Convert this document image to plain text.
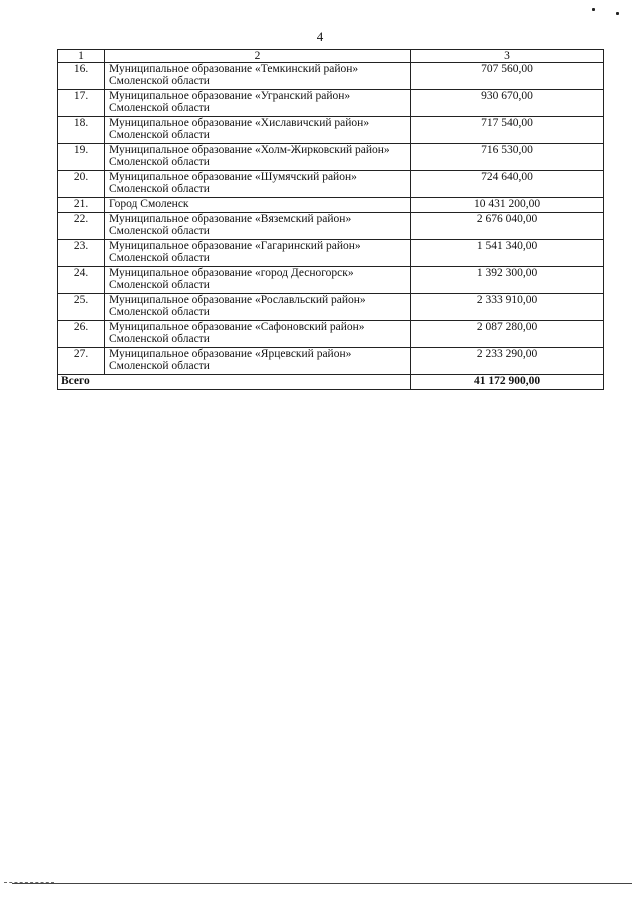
4
1	2	3
16.	Муниципальное образование «Темкинский район» Смоленской области	707 560,00
17.	Муниципальное образование «Угранский район» Смоленской области	930 670,00
18.	Муниципальное образование «Хиславичский район» Смоленской области	717 540,00
19.	Муниципальное образование «Холм-Жирковский район» Смоленской области	716 530,00
20.	Муниципальное образование «Шумячский район» Смоленской области	724 640,00
21.	Город Смоленск	10 431 200,00
22.	Муниципальное образование «Вяземский район» Смоленской области	2 676 040,00
23.	Муниципальное образование «Гагаринский район» Смоленской области	1 541 340,00
24.	Муниципальное образование «город Десногорск» Смоленской области	1 392 300,00
25.	Муниципальное образование «Рославльский район» Смоленской области	2 333 910,00
26.	Муниципальное образование «Сафоновский район» Смоленской области	2 087 280,00
27.	Муниципальное образование «Ярцевский район» Смоленской области	2 233 290,00
Всего		41 172 900,00
